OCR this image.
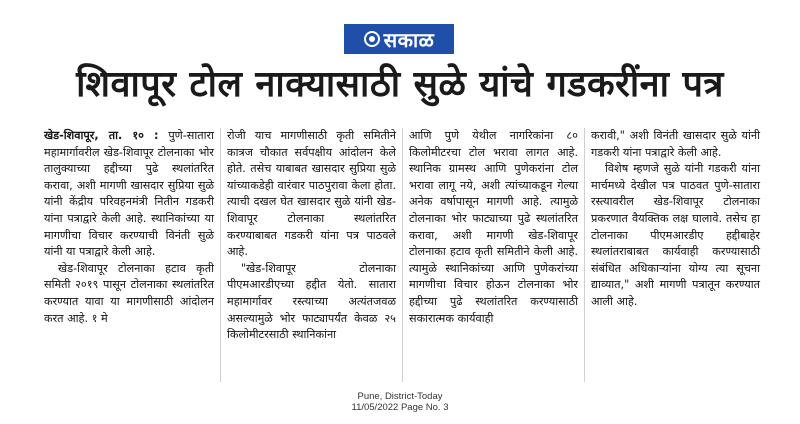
सकाळ
शिवापूर टोल नाक्यासाठी सुळे यांचे गडकरींना पत्र

खेड-शिवापूर, ता. १० : पुणे-सातारा महामार्गावरील खेड-शिवापूर टोलनाका भोर तालुक्याच्या हद्दीच्या पुढे स्थलांतरित करावा, अशी मागणी खासदार सुप्रिया सुळे यांनी केंद्रीय परिवहनमंत्री नितीन गडकरी यांना पत्राद्वारे केली आहे. स्थानिकांच्या या मागणीचा विचार करण्याची विनंती सुळे यांनी या पत्राद्वारे केली आहे.

खेड-शिवापूर टोलनाका हटाव कृती समिती २०१९ पासून टोलनाका स्थलांतरित करण्यात यावा या मागणीसाठी आंदोलन करत आहे. १ मे

रोजी याच मागणीसाठी कृती समितीने कात्रज चौकात सर्वपक्षीय आंदोलन केले होते. तसेच याबाबत खासदार सुप्रिया सुळे यांच्याकडेही वारंवार पाठपुरावा केला होता. त्याची दखल घेत खासदार सुळे यांनी खेड-शिवापूर टोलनाका स्थलांतरित करण्याबाबत गडकरी यांना पत्र पाठवले आहे.

"खेड-शिवापूर टोलनाका पीएमआरडीएच्या हद्दीत येतो. सातारा महामार्गावर रस्त्याच्या अत्यंतजवळ असल्यामुळे भोर फाट्यापर्यंत केवळ २५ किलोमीटरसाठी स्थानिकांना

आणि पुणे येथील नागरिकांना ८० किलोमीटरचा टोल भरावा लागत आहे. स्थानिक ग्रामस्थ आणि पुणेकरांना टोल भरावा लागू नये, अशी त्यांच्याकडून गेल्या अनेक वर्षापासून मागणी आहे. त्यामुळे टोलनाका भोर फाट्याच्या पुढे स्थलांतरित करावा, अशी मागणी खेड-शिवापूर टोलनाका हटाव कृती समितीने केली आहे. त्यामुळे स्थानिकांच्या आणि पुणेकरांच्या मागणीचा विचार होऊन टोलनाका भोर हद्दीच्या पुढे स्थलांतरित करण्यासाठी सकारात्मक कार्यवाही

करावी," अशी विनंती खासदार सुळे यांनी गडकरी यांना पत्राद्वारे केली आहे.

विशेष म्हणजे सुळे यांनी गडकरी यांना मार्चमध्ये देखील पत्र पाठवत पुणे-सातारा रस्त्यावरील खेड-शिवापूर टोलनाका प्रकरणात वैयक्तिक लक्ष घालावे. तसेच हा टोलनाका पीएमआरडीए हद्दीबाहेर स्थलांतराबाबत कार्यवाही करण्यासाठी संबंधित अधिकाऱ्यांना योग्य त्या सूचना द्याव्यात," अशी मागणी पत्रातून करण्यात आली आहे.

Pune, District-Today
11/05/2022 Page No. 3
